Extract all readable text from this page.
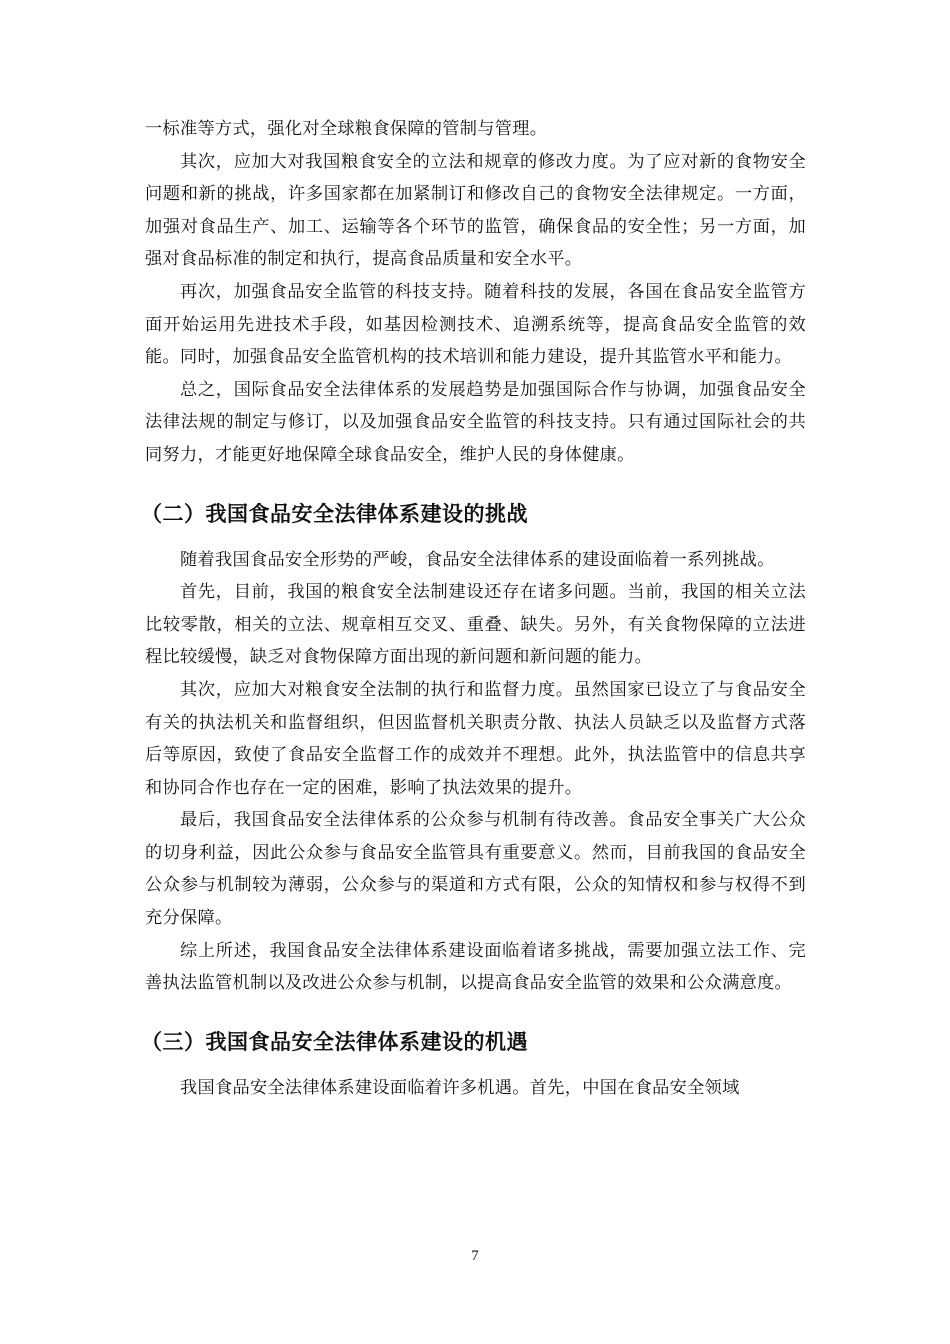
一标准等方式，强化对全球粮食保障的管制与管理。

其次，应加大对我国粮食安全的立法和规章的修改力度。为了应对新的食物安全问题和新的挑战，许多国家都在加紧制订和修改自己的食物安全法律规定。一方面，加强对食品生产、加工、运输等各个环节的监管，确保食品的安全性；另一方面，加强对食品标准的制定和执行，提高食品质量和安全水平。

再次，加强食品安全监管的科技支持。随着科技的发展，各国在食品安全监管方面开始运用先进技术手段，如基因检测技术、追溯系统等，提高食品安全监管的效能。同时，加强食品安全监管机构的技术培训和能力建设，提升其监管水平和能力。

总之，国际食品安全法律体系的发展趋势是加强国际合作与协调，加强食品安全法律法规的制定与修订，以及加强食品安全监管的科技支持。只有通过国际社会的共同努力，才能更好地保障全球食品安全，维护人民的身体健康。

（二）我国食品安全法律体系建设的挑战

随着我国食品安全形势的严峻，食品安全法律体系的建设面临着一系列挑战。

首先，目前，我国的粮食安全法制建设还存在诸多问题。当前，我国的相关立法比较零散，相关的立法、规章相互交叉、重叠、缺失。另外，有关食物保障的立法进程比较缓慢，缺乏对食物保障方面出现的新问题和新问题的能力。

其次，应加大对粮食安全法制的执行和监督力度。虽然国家已设立了与食品安全有关的执法机关和监督组织，但因监督机关职责分散、执法人员缺乏以及监督方式落后等原因，致使了食品安全监督工作的成效并不理想。此外，执法监管中的信息共享和协同合作也存在一定的困难，影响了执法效果的提升。

最后，我国食品安全法律体系的公众参与机制有待改善。食品安全事关广大公众的切身利益，因此公众参与食品安全监管具有重要意义。然而，目前我国的食品安全公众参与机制较为薄弱，公众参与的渠道和方式有限，公众的知情权和参与权得不到充分保障。

综上所述，我国食品安全法律体系建设面临着诸多挑战，需要加强立法工作、完善执法监管机制以及改进公众参与机制，以提高食品安全监管的效果和公众满意度。

（三）我国食品安全法律体系建设的机遇

我国食品安全法律体系建设面临着许多机遇。首先，中国在食品安全领域

7
